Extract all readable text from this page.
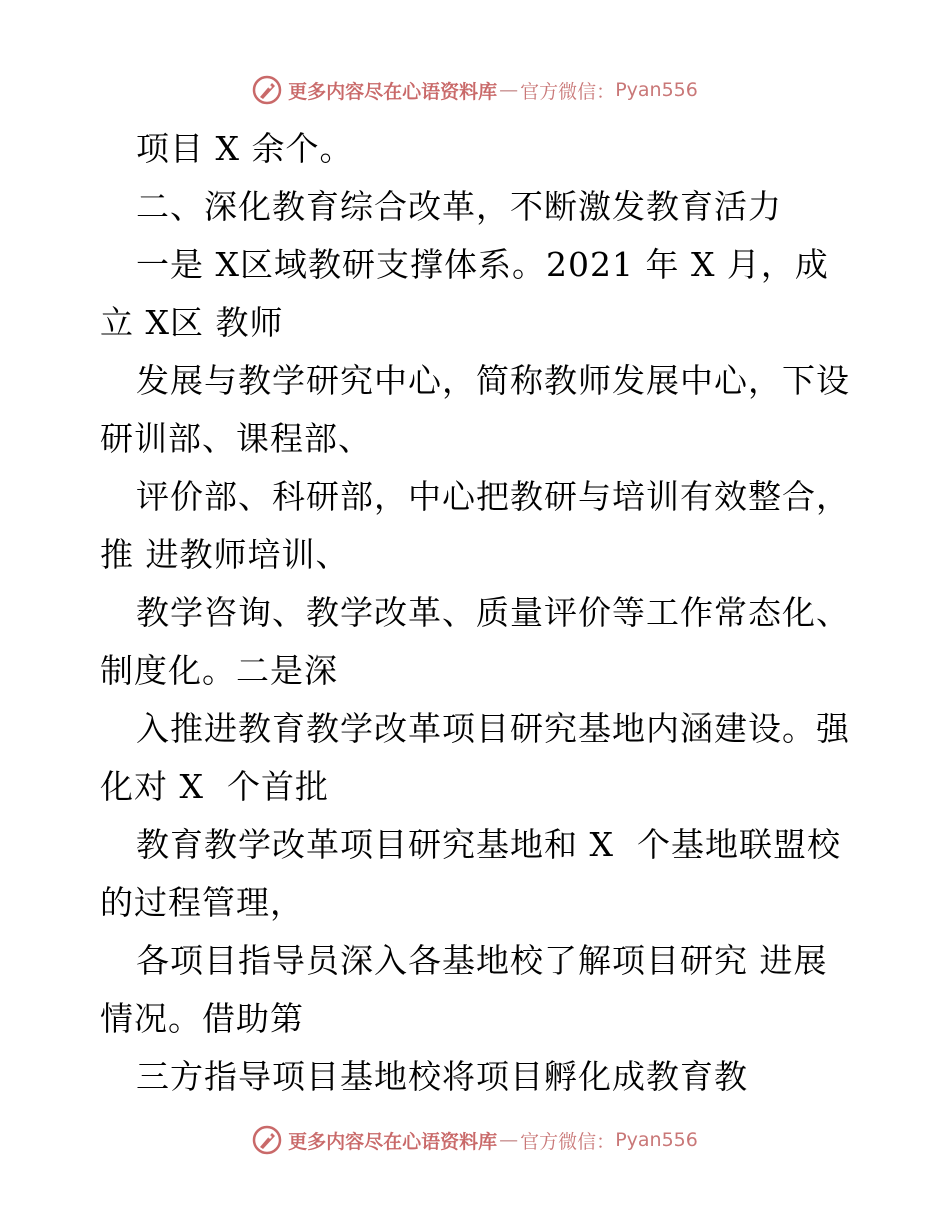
更多内容尽在心语资料库 — 官方微信： Pyan556
项目 X 余个。
二、深化教育综合改革，不断激发教育活力
一是 X区域教研支撑体系。2021 年 X 月，成
立 X区 教师
发展与教学研究中心，简称教师发展中心，下设
研训部、课程部、
评价部、科研部，中心把教研与培训有效整合，
推 进教师培训、
教学咨询、教学改革、质量评价等工作常态化、
制度化。二是深
入推进教育教学改革项目研究基地内涵建设。强
化对 X  个首批
教育教学改革项目研究基地和 X  个基地联盟校
的过程管理，
各项目指导员深入各基地校了解项目研究 进展
情况。借助第
三方指导项目基地校将项目孵化成教育教
更多内容尽在心语资料库 — 官方微信： Pyan556
